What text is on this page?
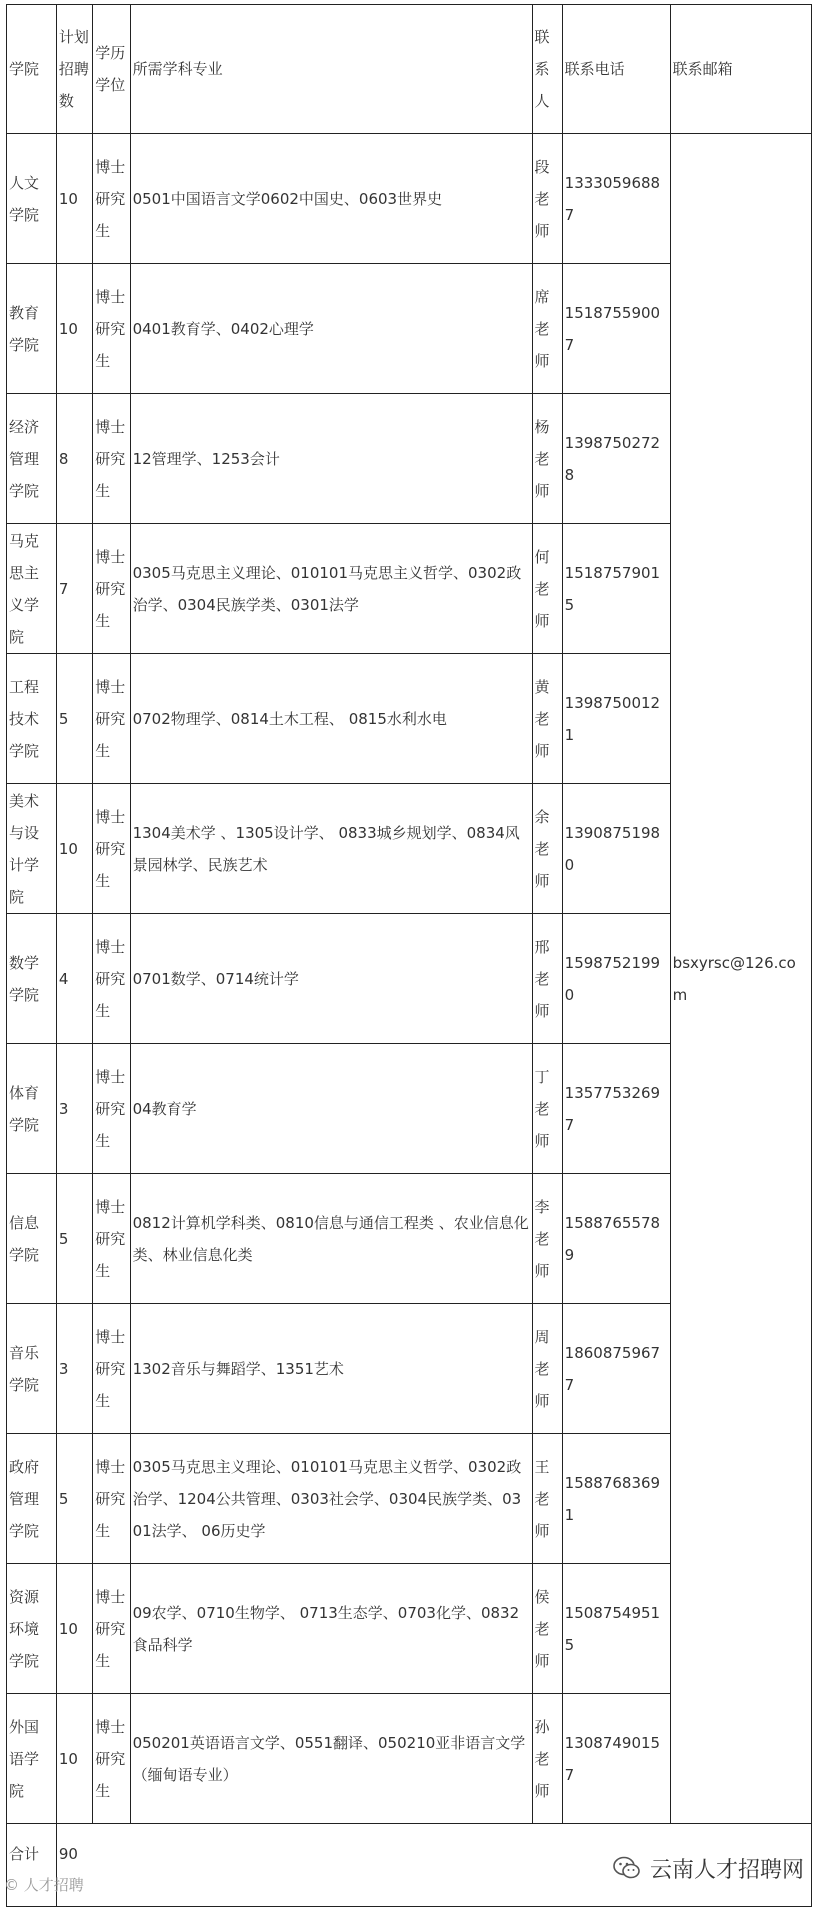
学院	计划招聘数	学历学位	所需学科专业	联系人	联系电话	联系邮箱
人文学院	10	博士研究生	0501中国语言文学0602中国史、0603世界史	段老师	13330596887	bsxyrsc@126.com
教育学院	10	博士研究生	0401教育学、0402心理学	席老师	15187559007	
经济管理学院	8	博士研究生	12管理学、1253会计	杨老师	13987502728	
马克思主义学院	7	博士研究生	0305马克思主义理论、010101马克思主义哲学、0302政治学、0304民族学类、0301法学	何老师	15187579015	
工程技术学院	5	博士研究生	0702物理学、0814土木工程、 0815水利水电	黄老师	13987500121	
美术与设计学院	10	博士研究生	1304美术学 、1305设计学、 0833城乡规划学、0834风景园林学、民族艺术	余老师	13908751980	
数学学院	4	博士研究生	0701数学、0714统计学	邢老师	15987521990	
体育学院	3	博士研究生	04教育学	丁老师	13577532697	
信息学院	5	博士研究生	0812计算机学科类、0810信息与通信工程类 、农业信息化类、林业信息化类	李老师	15887655789	
音乐学院	3	博士研究生	1302音乐与舞蹈学、1351艺术	周老师	18608759677	
政府管理学院	5	博士研究生	0305马克思主义理论、010101马克思主义哲学、0302政治学、1204公共管理、0303社会学、0304民族学类、0301法学、 06历史学	王老师	15887683691	
资源环境学院	10	博士研究生	09农学、0710生物学、 0713生态学、0703化学、0832食品科学	侯老师	15087549515	
外国语学院	10	博士研究生	050201英语语言文学、0551翻译、050210亚非语言文学（缅甸语专业）	孙老师	13087490157	
合计	90					
云南人才招聘网
© 人才招聘
